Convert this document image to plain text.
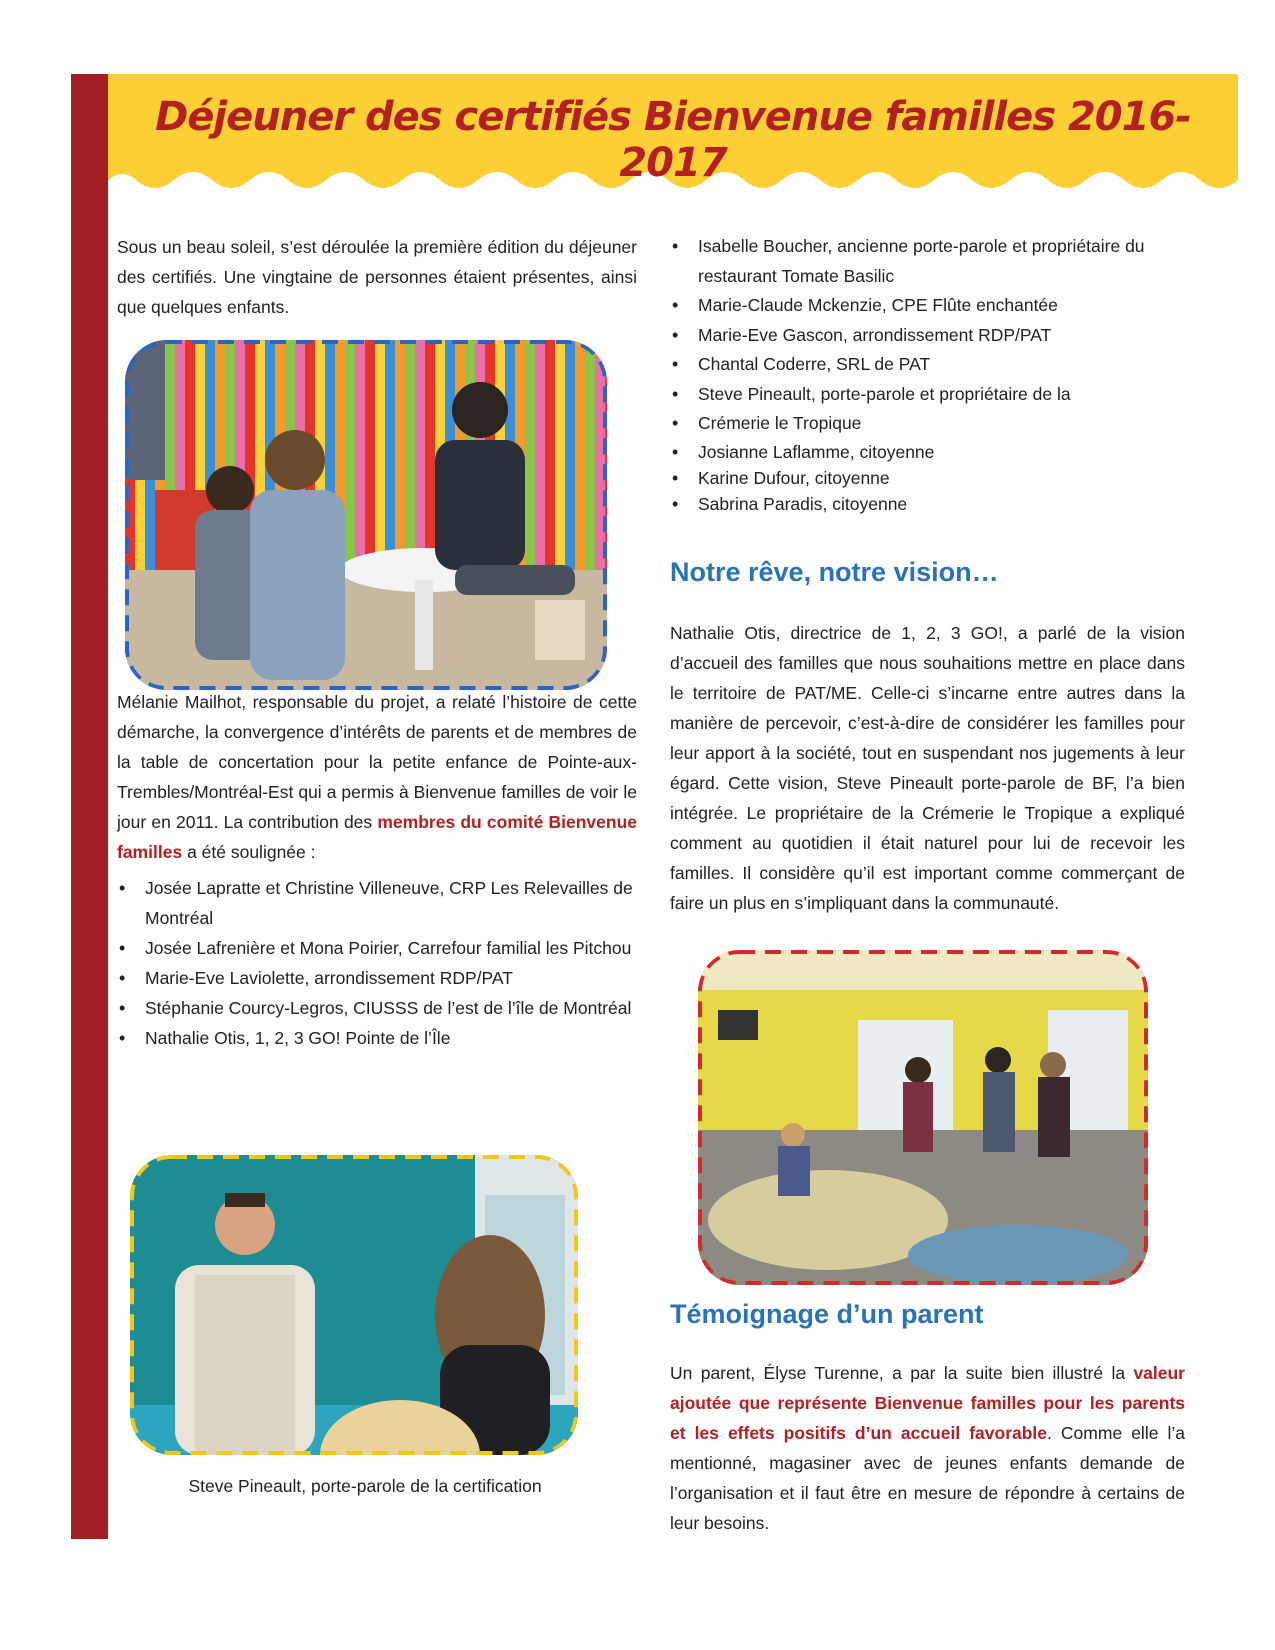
Déjeuner des certifiés Bienvenue familles 2016-2017

Sous un beau soleil, s’est déroulée la première édition du déjeuner des certifiés. Une vingtaine de personnes étaient présentes, ainsi que quelques enfants.

Mélanie Mailhot, responsable du projet, a relaté l’histoire de cette démarche, la convergence d’intérêts de parents et de membres de la table de concertation pour la petite enfance de Pointe-aux-Trembles/Montréal-Est qui a permis à Bienvenue familles de voir le jour en 2011. La contribution des membres du comité Bienvenue familles a été soulignée :

• Josée Lapratte et Christine Villeneuve, CRP Les Relevailles de Montréal
• Josée Lafrenière et Mona Poirier, Carrefour familial les Pitchou
• Marie-Eve Laviolette, arrondissement RDP/PAT
• Stéphanie Courcy-Legros, CIUSSS de l’est de l’île de Montréal
• Nathalie Otis, 1, 2, 3 GO! Pointe de l’Île
Steve Pineault, porte-parole de la certification
• Isabelle Boucher, ancienne porte-parole et propriétaire du restaurant Tomate Basilic
• Marie-Claude Mckenzie, CPE Flûte enchantée
• Marie-Eve Gascon, arrondissement RDP/PAT
• Chantal Coderre, SRL de PAT
• Steve Pineault, porte-parole et propriétaire de la
• Crémerie le Tropique
• Josianne Laflamme, citoyenne
• Karine Dufour, citoyenne
• Sabrina Paradis, citoyenne
Notre rêve, notre vision…

Nathalie Otis, directrice de 1, 2, 3 GO!, a parlé de la vision d’accueil des familles que nous souhaitions mettre en place dans le territoire de PAT/ME. Celle-ci s’incarne entre autres dans la manière de percevoir, c’est-à-dire de considérer les familles pour leur apport à la société, tout en suspendant nos jugements à leur égard. Cette vision, Steve Pineault porte-parole de BF, l’a bien intégrée. Le propriétaire de la Crémerie le Tropique a expliqué comment au quotidien il était naturel pour lui de recevoir les familles. Il considère qu’il est important comme commerçant de faire un plus en s’impliquant dans la communauté.

Témoignage d’un parent

Un parent, Élyse Turenne, a par la suite bien illustré la valeur ajoutée que représente Bienvenue familles pour les parents et les effets positifs d’un accueil favorable. Comme elle l’a mentionné, magasiner avec de jeunes enfants demande de l’organisation et il faut être en mesure de répondre à certains de leur besoins.
